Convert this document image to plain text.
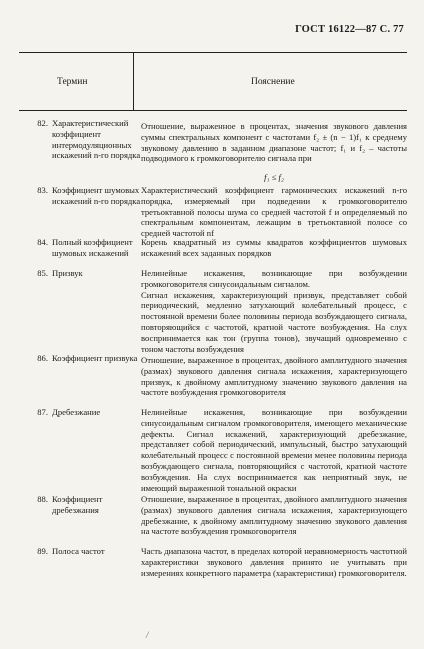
ГОСТ 16122—87 С. 77
Термин	Пояснение
82. Характеристический коэффициент интермодуляционных искажений n-го порядка
83. Коэффициент шумовых искажений n-го порядка
84. Полный коэффициент шумовых искажений
85. Призвук
86. Коэффициент призвука
87. Дребезжание
88. Коэффициент дребезжания
89. Полоса частот
Отношение, выраженное в процентах, значения звукового давления суммы спектральных компонент с частотами f₂ ± (n − 1)f₁ к среднему звуковому давлению в заданном диапазоне частот; f₁ и f₂ – частоты подводимого к громкоговорителю сигнала при
f₁ ≤ f₂
Характеристический коэффициент гармонических искажений n-го порядка, измеряемый при подведении к громкоговорителю третьоктавной полосы шума со средней частотой f и определяемый по спектральным компонентам, лежащим в третьоктавной полосе со средней частотой nf
Корень квадратный из суммы квадратов коэффициентов шумовых искажений всех заданных порядков
Нелинейные искажения, возникающие при возбуждении громкоговорителя синусоидальным сигналом.
Сигнал искажения, характеризующий призвук, представляет собой периодический, медленно затухающий колебательный процесс, с постоянной времени более половины периода возбуждающего сигнала, повторяющийся с частотой, кратной частоте возбуждения. На слух воспринимается как тон (группа тонов), звучащий одновременно с тоном частоты возбуждения
Отношение, выраженное в процентах, двойного амплитудного значения (размах) звукового давления сигнала искажения, характеризующего призвук, к двойному амплитудному значению звукового давления на частоте возбуждения громкоговорителя
Нелинейные искажения, возникающие при возбуждении синусоидальным сигналом громкоговорителя, имеющего механические дефекты. Сигнал искажений, характеризующий дребезжание, представляет собой периодический, импульсный, быстро затухающий колебательный процесс с постоянной времени менее половины периода возбуждающего сигнала, повторяющийся с частотой, кратной частоте возбуждения. На слух воспринимается как неприятный звук, не имеющий выраженной тональной окраски
Отношение, выраженное в процентах, двойного амплитудного значения (размах) звукового давления сигнала искажения, характеризующего дребезжание, к двойному амплитудному значению звукового давления на частоте возбуждения громкоговорителя
Часть диапазона частот, в пределах которой неравномерность частотной характеристики звукового давления принято не учитывать при измерениях конкретного параметра (характеристики) громкоговорителя.
/
